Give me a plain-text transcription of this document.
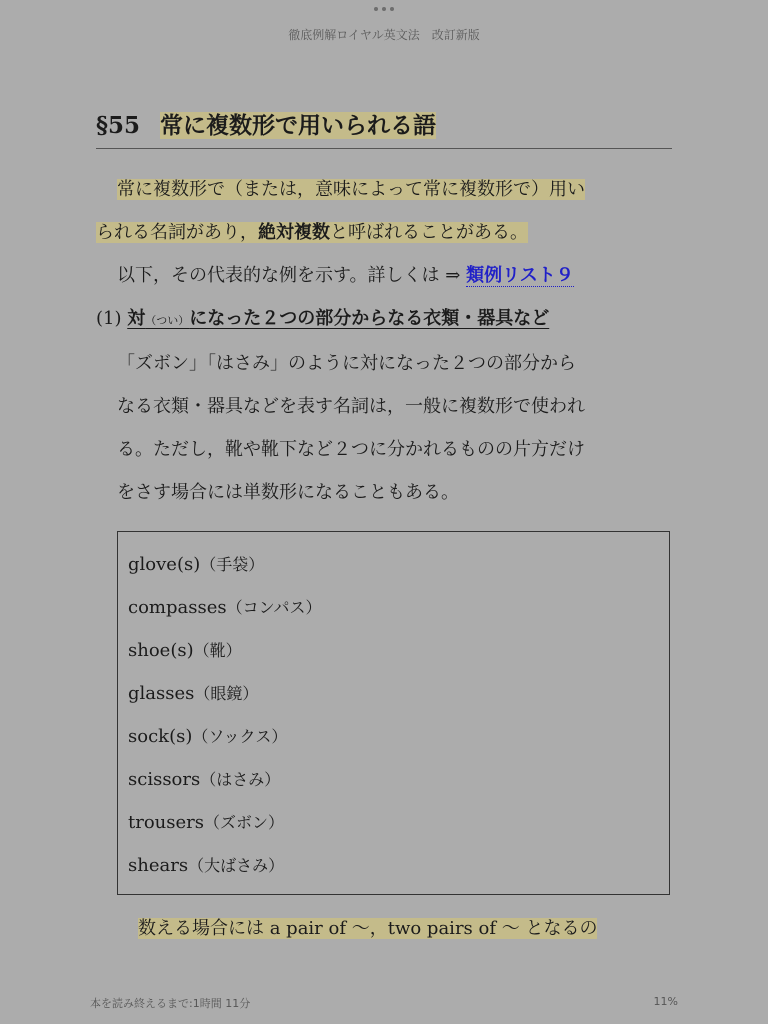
徹底例解ロイヤル英文法　改訂新版
§55 常に複数形で用いられる語
常に複数形で（または，意味によって常に複数形で）用い
られる名詞があり，絶対複数と呼ばれることがある。
以下，その代表的な例を示す。詳しくは ⇒ 類例リスト９
(1) 対（つい）になった２つの部分からなる衣類・器具など
「ズボン」「はさみ」のように対になった２つの部分から
なる衣類・器具などを表す名詞は，一般に複数形で使われ
る。ただし，靴や靴下など２つに分かれるものの片方だけ
をさす場合には単数形になることもある。
glove(s)（手袋）
compasses（コンパス）
shoe(s)（靴）
glasses（眼鏡）
sock(s)（ソックス）
scissors（はさみ）
trousers（ズボン）
shears（大ばさみ）
数える場合には a pair of 〜，two pairs of 〜 となるの
本を読み終えるまで:1時間 11分	11%
